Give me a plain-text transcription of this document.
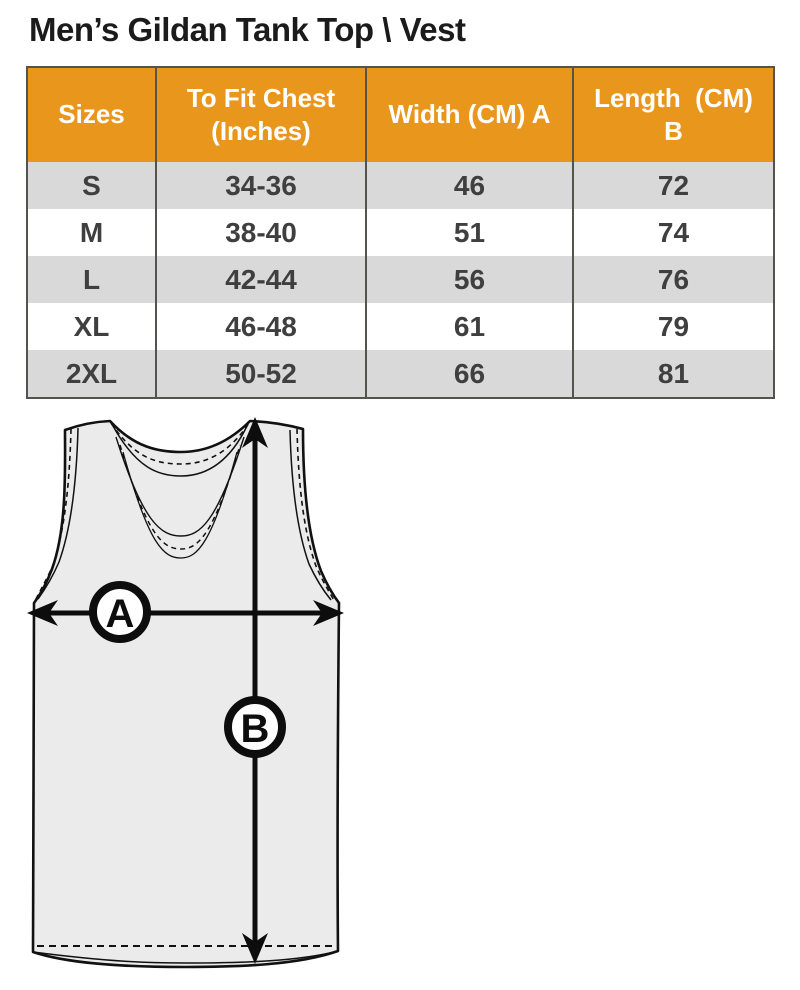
Men’s Gildan Tank Top \ Vest
Sizes	To Fit Chest (Inches)	Width (CM) A	Length  (CM) B
S	34-36	46	72
M	38-40	51	74
L	42-44	56	76
XL	46-48	61	79
2XL	50-52	66	81
A
B
